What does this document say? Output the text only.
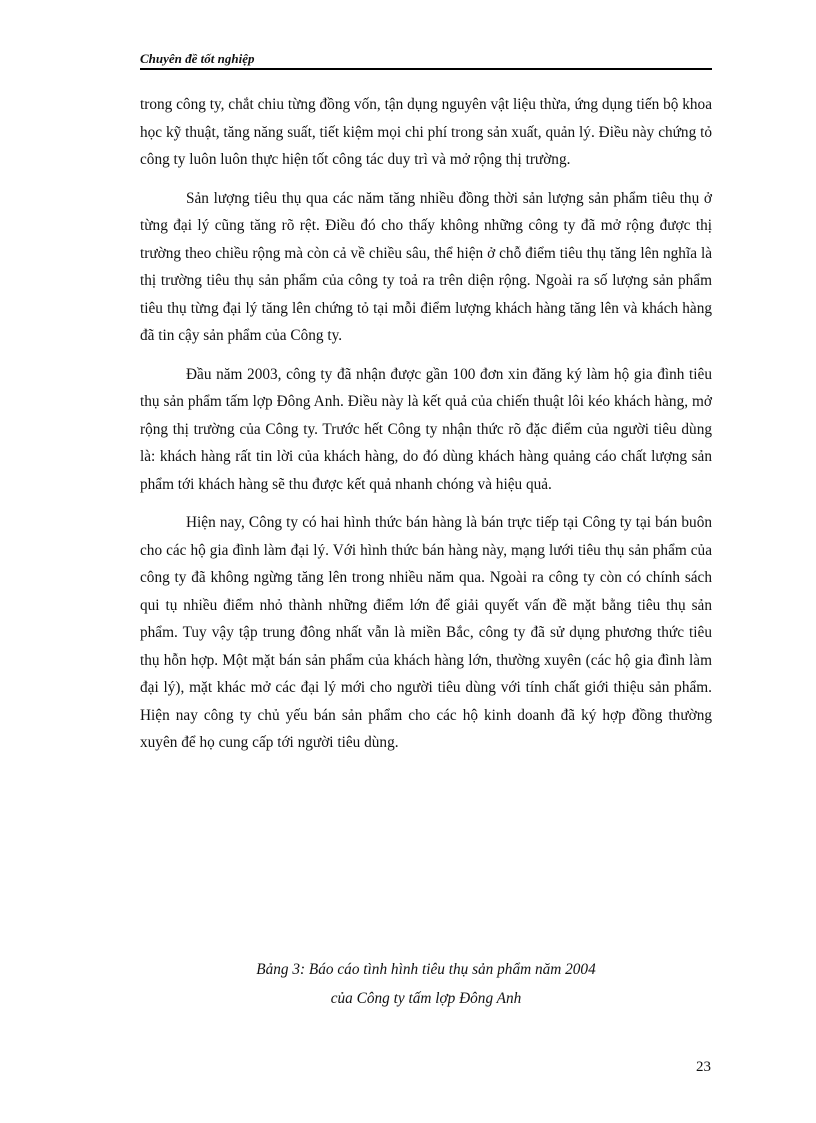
Chuyên đề tốt nghiệp

trong công ty, chắt chiu từng đồng vốn, tận dụng nguyên vật liệu thừa, ứng dụng tiến bộ khoa học kỹ thuật, tăng năng suất, tiết kiệm mọi chi phí trong sản xuất, quản lý. Điều này chứng tỏ công ty luôn luôn thực hiện tốt công tác duy trì và mở rộng thị trường.

Sản lượng tiêu thụ qua các năm tăng nhiều đồng thời sản lượng sản phẩm tiêu thụ ở từng đại lý cũng tăng rõ rệt. Điều đó cho thấy không những công ty đã mở rộng được thị trường theo chiều rộng mà còn cả về chiều sâu, thể hiện ở chỗ điểm tiêu thụ tăng lên nghĩa là thị trường tiêu thụ sản phẩm của công ty toả ra trên diện rộng. Ngoài ra số lượng sản phẩm tiêu thụ từng đại lý tăng lên chứng tỏ tại mỗi điểm lượng khách hàng tăng lên và khách hàng đã tin cậy sản phẩm của Công ty.

Đầu năm 2003, công ty đã nhận được gần 100 đơn xin đăng ký làm hộ gia đình tiêu thụ sản phẩm tấm lợp Đông Anh. Điều này là kết quả của chiến thuật lôi kéo khách hàng, mở rộng thị trường của Công ty. Trước hết Công ty nhận thức rõ đặc điểm của người tiêu dùng là: khách hàng rất tin lời của khách hàng, do đó dùng khách hàng quảng cáo chất lượng sản phẩm tới khách hàng sẽ thu được kết quả nhanh chóng và hiệu quả.

Hiện nay, Công ty có hai hình thức bán hàng là bán trực tiếp tại Công ty tại bán buôn cho các hộ gia đình làm đại lý. Với hình thức bán hàng này, mạng lưới tiêu thụ sản phẩm của công ty đã không ngừng tăng lên trong nhiều năm qua. Ngoài ra công ty còn có chính sách qui tụ nhiều điểm nhỏ thành những điểm lớn để giải quyết vấn đề mặt bằng tiêu thụ sản phẩm. Tuy vậy tập trung đông nhất vẫn là miền Bắc, công ty đã sử dụng phương thức tiêu thụ hỗn hợp. Một mặt bán sản phẩm của khách hàng lớn, thường xuyên (các hộ gia đình làm đại lý), mặt khác mở các đại lý mới cho người tiêu dùng với tính chất giới thiệu sản phẩm. Hiện nay công ty chủ yếu bán sản phẩm cho các hộ kinh doanh đã ký hợp đồng thường xuyên để họ cung cấp tới người tiêu dùng.

Bảng 3: Báo cáo tình hình tiêu thụ sản phẩm năm 2004
của Công ty tấm lợp Đông Anh
23
